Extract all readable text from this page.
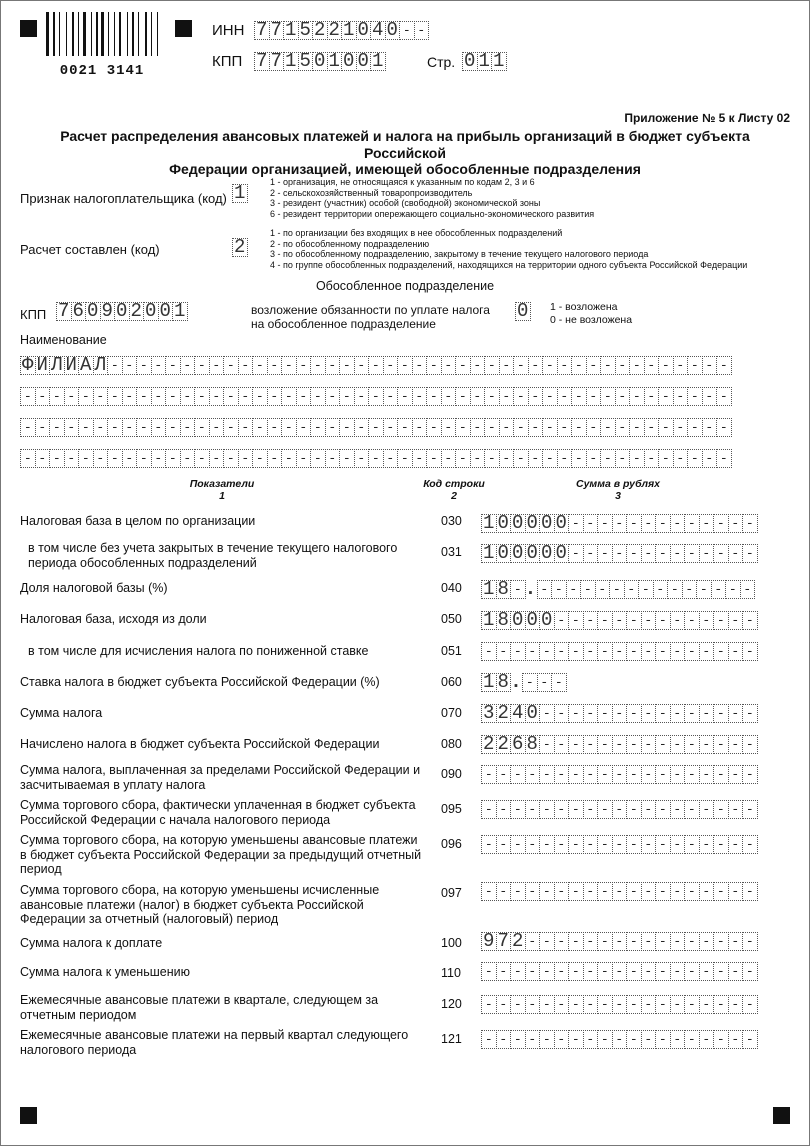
0021 3141
ИНН 7 7 1 5 2 2 1 0 4 0 - -
КПП 7 7 1 5 0 1 0 0 1	Стр. 0 1 1
Приложение № 5 к Листу 02
Расчет распределения авансовых платежей и налога на прибыль организаций в бюджет субъекта Российской
Федерации организацией, имеющей обособленные подразделения
Признак налогоплательщика (код) 1	1 - организация, не относящаяся к указанным по кодам 2, 3 и 6
2 - сельскохозяйственный товаропроизводитель
3 - резидент (участник) особой (свободной) экономической зоны
6 - резидент территории опережающего социально-экономического развития
Расчет составлен (код)	2
1 - по организации без входящих в нее обособленных подразделений
2 - по обособленному подразделению
3 - по обособленному подразделению, закрытому в течение текущего налогового периода
4 - по группе обособленных подразделений, находящихся на территории одного субъекта Российской Федерации
Обособленное подразделение
КПП 7 6 0 9 0 2 0 0 1	возложение обязанности по уплате налога
на обособленное подразделение
0 1 - возложена
0 - не возложена
Наименование
Ф И Л И А Л - - - - - - - - - - - - - - - - - - - - - - - - - - - - - - - - - - - - - - - - - - -
- - - - - - - - - - - - - - - - - - - - - - - - - - - - - - - - - - - - - - - - - - - - - - - - -
- - - - - - - - - - - - - - - - - - - - - - - - - - - - - - - - - - - - - - - - - - - - - - - - -
- - - - - - - - - - - - - - - - - - - - - - - - - - - - - - - - - - - - - - - - - - - - - - - - -
Показатели
1
Код строки
2
Сумма в рублях
3
Налоговая база в целом по организации	030 1 0 0 0 0 0 - - - - - - - - - - - - -
в том числе без учета закрытых в течение текущего налогового периода обособленных подразделений
031 1 0 0 0 0 0 - - - - - - - - - - - - -
Доля налоговой базы (%)	040 1 8 - . - - - - - - - - - - - - - - -
Налоговая база, исходя из доли	050 1 8 0 0 0 - - - - - - - - - - - - - -
в том числе для исчисления налога по пониженной ставке	051 - - - - - - - - - - - - - - - - - - -
Ставка налога в бюджет субъекта Российской Федерации (%)	060 1 8 . - - -
Сумма налога	070 3 2 4 0 - - - - - - - - - - - - - - -
Начислено налога в бюджет субъекта Российской Федерации	080 2 2 6 8 - - - - - - - - - - - - - - -
Сумма налога, выплаченная за пределами Российской Федерации и засчитываемая в уплату налога
090 - - - - - - - - - - - - - - - - - - -
Сумма торгового сбора, фактически уплаченная в бюджет субъекта Российской Федерации с начала налогового периода
095 - - - - - - - - - - - - - - - - - - -
Сумма торгового сбора, на которую уменьшены авансовые платежи в бюджет субъекта Российской Федерации за предыдущий отчетный период
096 - - - - - - - - - - - - - - - - - - -
Сумма торгового сбора, на которую уменьшены исчисленные авансовые платежи (налог) в бюджет субъекта Российской Федерации за отчетный (налоговый) период
097 - - - - - - - - - - - - - - - - - - -
Сумма налога к доплате	100 9 7 2 - - - - - - - - - - - - - - - -
Сумма налога к уменьшению	110 - - - - - - - - - - - - - - - - - - -
Ежемесячные авансовые платежи в квартале, следующем за отчетным периодом
120 - - - - - - - - - - - - - - - - - - -
Ежемесячные авансовые платежи на первый квартал следующего налогового периода
121 - - - - - - - - - - - - - - - - - - -
